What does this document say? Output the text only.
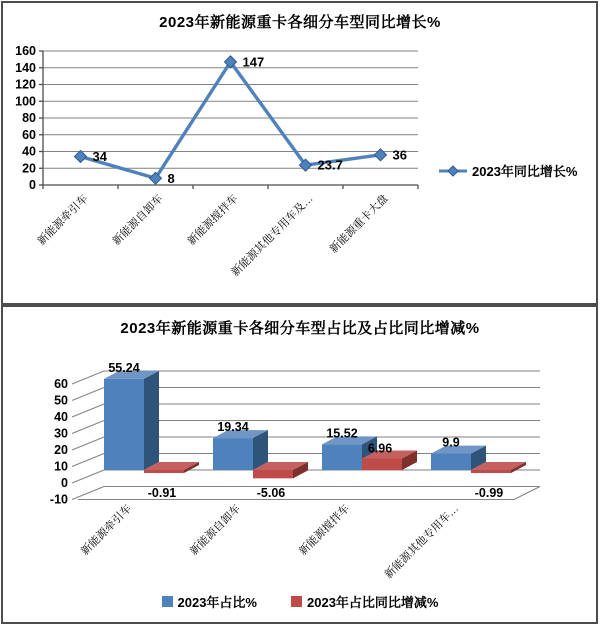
2023年新能源重卡各细分车型同比增长%
2023年新能源重卡各细分车型占比及占比同比增减%
0
20
40
60
80
100
120
140
160
34
8
147
23.7
36
新能源牵引车 新能源自卸车 新能源搅拌车
新能源其他专用车及… 新能源重卡大盘
-10
0
10
20
30
40
50
60
55.24
-0.91
新能源牵引车
19.34
-5.06
新能源自卸车
15.52
6.96
新能源搅拌车
9.9
-0.99
新能源其他专用车…
2023年同比增长%
2023年占比%	2023年占比同比增减%
